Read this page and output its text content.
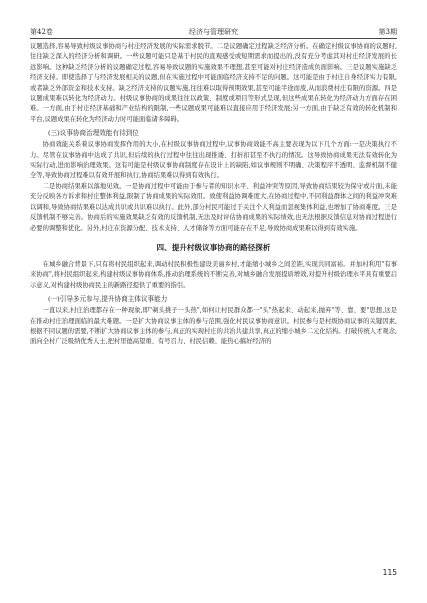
第42卷	经济与管理研究	第3期

议题选择,容易导致村级议事协商与村庄经济发展的实际需求脱节。二是议题确定过程缺乏经济分析。在确定村级议事协商的议题时,往往缺乏深入的经济分析和调研。一些议题可能只是基于村民的直观感受或短期需求而提出的,没有充分考虑其对村庄经济发展的长远影响。这种缺乏经济分析的议题确定过程,容易导致议题的实施效果不理想,甚至可能对村庄经济造成负面影响。三是议题实施缺乏经济支持。即使选择了与经济发展相关的议题,但在实施过程中可能面临经济支持不足的问题。这可能是由于村庄自身经济实力有限,或者缺乏外部资金和技术支持。缺乏经济支持的议题实施,往往难以取得预期效果,甚至可能半途而废,从而浪费村庄有限的资源。四是议题成果难以转化为经济动力。村级议事协商的成果往往以政策、制度或项目等形式呈现,但这些成果在转化为经济动力方面存在困难。一方面,由于村庄经济基础和产业结构的限制,一些议题成果可能难以直接应用于经济发展;另一方面,由于缺乏有效的转化机制和平台,议题成果在转化为经济动力时可能面临诸多障碍。

(三)议事协商治理效能有待到位

协商效能关系着议事协商发挥作用的大小,在村级议事协商过程中,议事协商效能不高主要表现为以下几个方面:一是决策执行不力。尽管在议事协商中达成了共识,但后续的执行过程中往往出现推诿、打折扣甚至不执行的情况。这导致协商成果无法有效转化为实际行动,进而影响治理效果。这有可能是村级议事协商制度存在设计上的缺陷,如议事规则不明确、决策程序不透明、监督机制不健全等,导致协商过程难以有效开展和执行,协商结果难以得到有效执行。

二是协商结果难以落地见效。一是协商过程中可能由于参与者的知识水平、利益冲突等原因,导致协商结果较为保守或片面,未能充分反映各方诉求和村庄整体利益,限制了协商成果的实际效用。致使利益协调难度大,在协商过程中,不同利益群体之间的利益冲突难以调和,导致协商结果难以达成共识或共识难以执行。此外,部分村民可能过于关注个人利益而忽视集体利益,也增加了协商难度。三是反馈机制不够完善。协商后的实施效果缺乏有效的反馈机制,无法及时评估协商成果的实际绩效,也无法根据反馈信息对协商过程进行必要的调整和优化。另外,村庄在资源分配、技术支持、人才储备等方面可能存在不足,导致协商成果难以得到有效实施。

四、提升村级议事协商的路径探析

在城乡融合背景下,只有将村民组织起来,调动村民积极性建设美丽乡村,才能缩小城乡之间差距,实现共同富裕。并加村利用"有事来协商",将村民组织起来,构建村级议事协商体系,推动治理系统的不断完善,对城乡融合发展提质增效,对提升村级治理水平具有重要启示意义,对构建村级协商民主的新路径提供了重要的指引。

(一)引导多元参与,提升协商主体议事能力

一直以来,村庄治理都存在一种现象,即"剃头挑子一头热",如何让村民群众都一"头"热起来、动起来,抛弃"等、靠、要"思想,这是在推动村庄治理面临的最大难题。一是扩大协商议事主体的参与范围,强化村民议事协商意识。村民参与是村级协商议事的关键因素,根据不同议题的需要,不断扩大协商议事主体的参与,真正的实现村庄的共治共建共享,真正的缩小城乡二元化结构。打破传统人才观念,面向全村广泛吸纳优秀人士,把村里德高望重、有号召力、村民信赖、能热心搞好经济的

115
